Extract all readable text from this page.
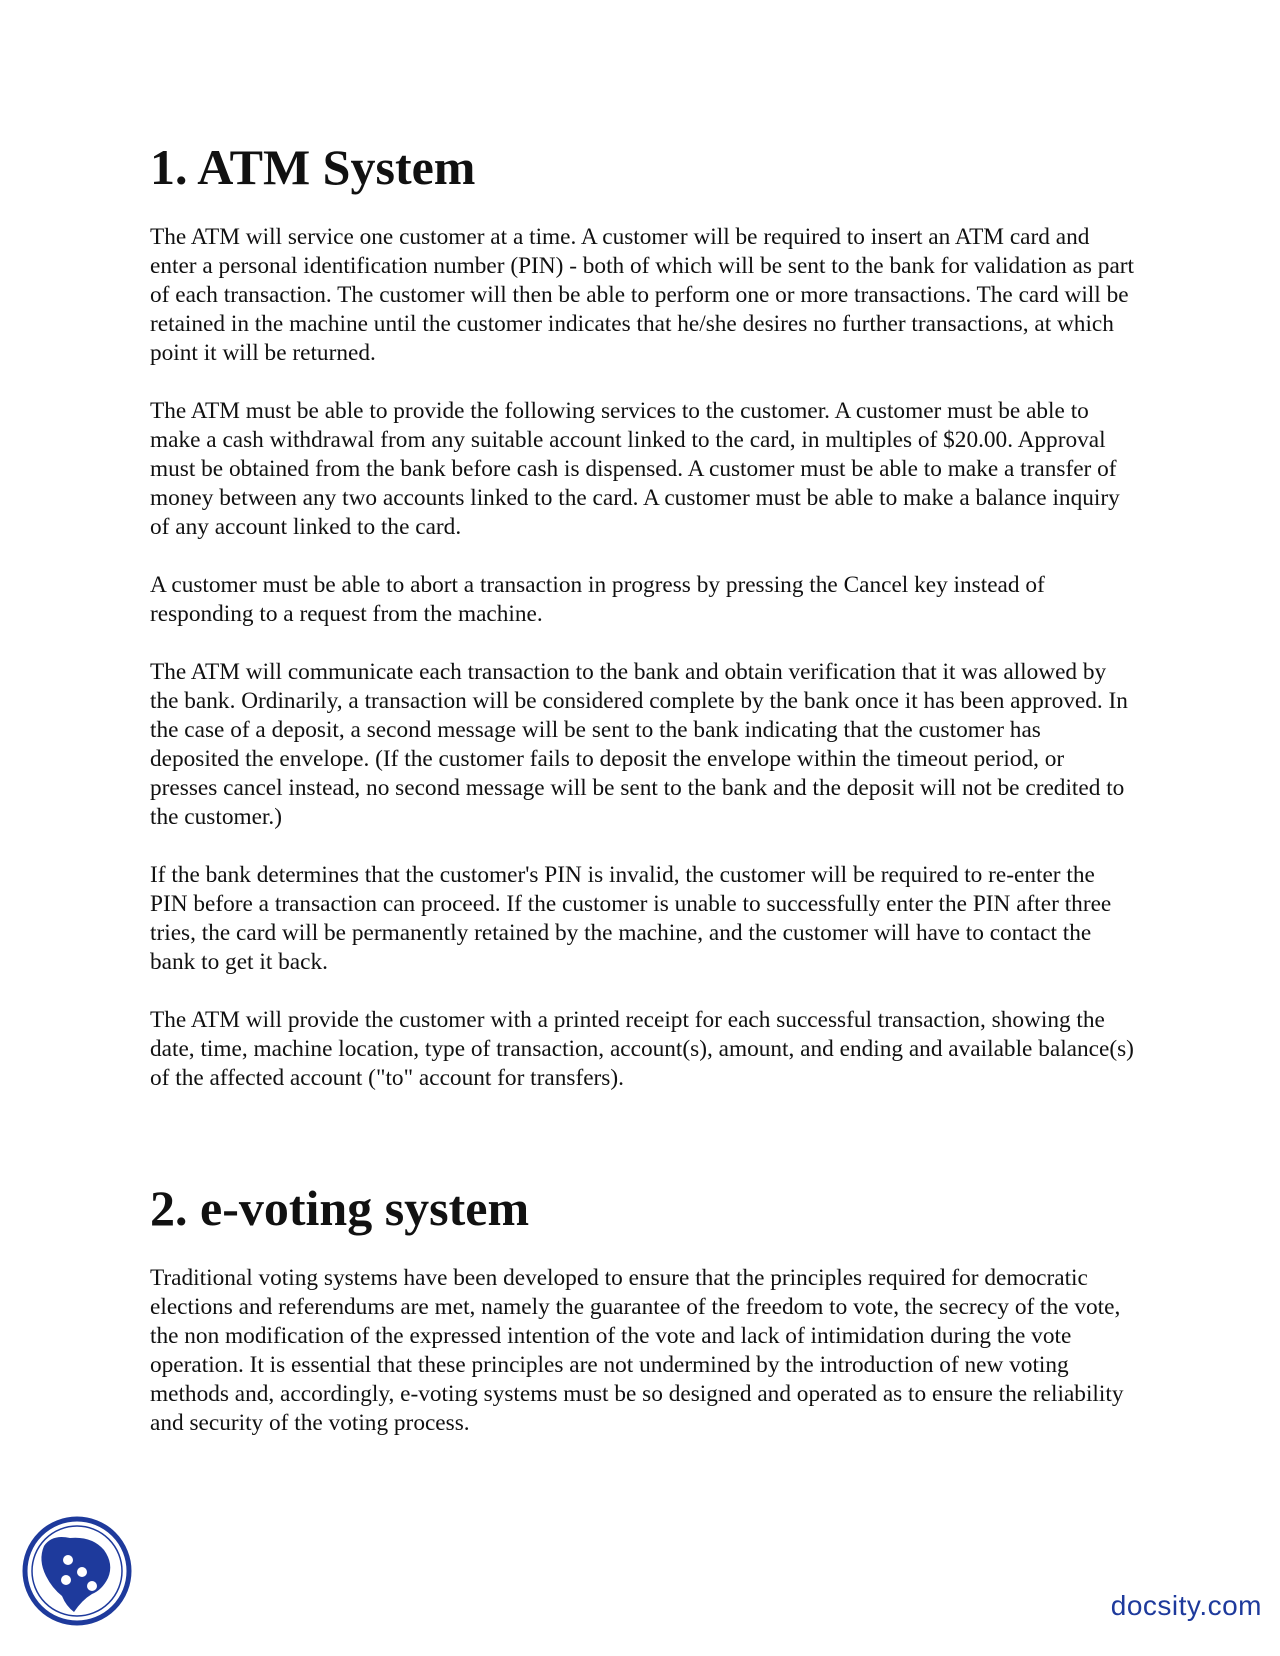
1. ATM System

The ATM will service one customer at a time. A customer will be required to insert an ATM card and enter a personal identification number (PIN) - both of which will be sent to the bank for validation as part of each transaction. The customer will then be able to perform one or more transactions. The card will be retained in the machine until the customer indicates that he/she desires no further transactions, at which point it will be returned.

The ATM must be able to provide the following services to the customer. A customer must be able to make a cash withdrawal from any suitable account linked to the card, in multiples of $20.00. Approval must be obtained from the bank before cash is dispensed. A customer must be able to make a transfer of money between any two accounts linked to the card. A customer must be able to make a balance inquiry of any account linked to the card.

A customer must be able to abort a transaction in progress by pressing the Cancel key instead of responding to a request from the machine.

The ATM will communicate each transaction to the bank and obtain verification that it was allowed by the bank. Ordinarily, a transaction will be considered complete by the bank once it has been approved. In the case of a deposit, a second message will be sent to the bank indicating that the customer has deposited the envelope. (If the customer fails to deposit the envelope within the timeout period, or presses cancel instead, no second message will be sent to the bank and the deposit will not be credited to the customer.)

If the bank determines that the customer's PIN is invalid, the customer will be required to re-enter the PIN before a transaction can proceed. If the customer is unable to successfully enter the PIN after three tries, the card will be permanently retained by the machine, and the customer will have to contact the bank to get it back.

The ATM will provide the customer with a printed receipt for each successful transaction, showing the date, time, machine location, type of transaction, account(s), amount, and ending and available balance(s) of the affected account ("to" account for transfers).

2. e-voting system

Traditional voting systems have been developed to ensure that the principles required for democratic elections and referendums are met, namely the guarantee of the freedom to vote, the secrecy of the vote, the non modification of the expressed intention of the vote and lack of intimidation during the vote operation. It is essential that these principles are not undermined by the introduction of new voting methods and, accordingly, e-voting systems must be so designed and operated as to ensure the reliability and security of the voting process.

docsity.com
